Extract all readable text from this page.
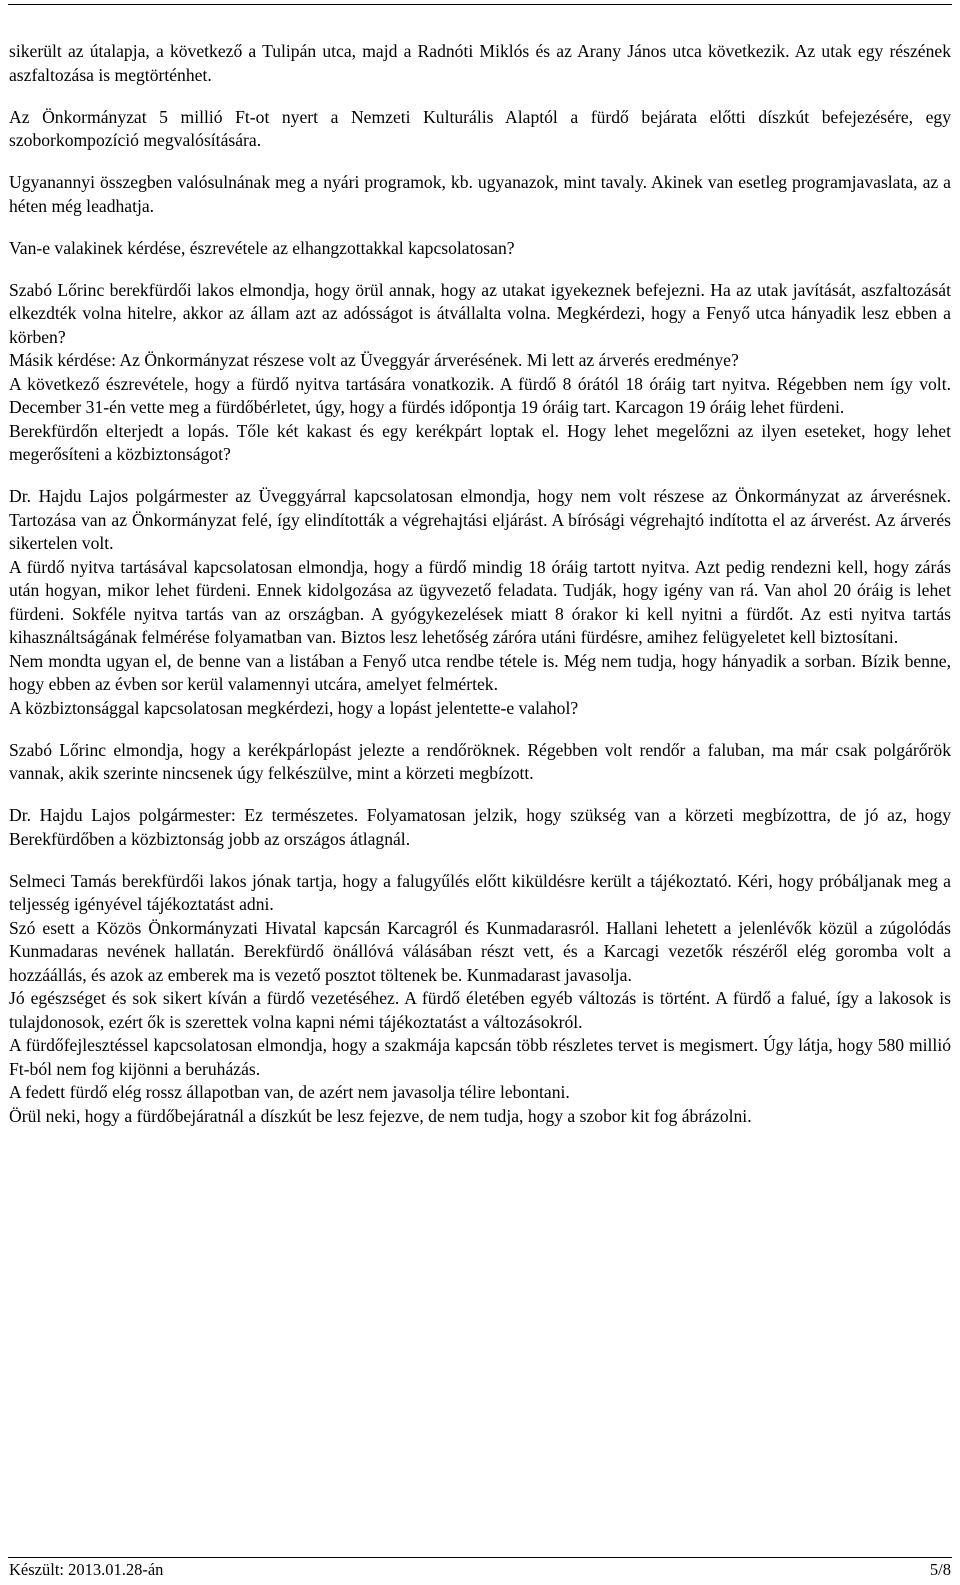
sikerült az útalapja, a következő a Tulipán utca, majd a Radnóti Miklós és az Arany János utca következik. Az utak egy részének aszfaltozása is megtörténhet.

Az Önkormányzat 5 millió Ft-ot nyert a Nemzeti Kulturális Alaptól a fürdő bejárata előtti díszkút befejezésére, egy szoborkompozíció megvalósítására.

Ugyanannyi összegben valósulnának meg a nyári programok, kb. ugyanazok, mint tavaly. Akinek van esetleg programjavaslata, az a héten még leadhatja.

Van-e valakinek kérdése, észrevétele az elhangzottakkal kapcsolatosan?

Szabó Lőrinc berekfürdői lakos elmondja, hogy örül annak, hogy az utakat igyekeznek befejezni. Ha az utak javítását, aszfaltozását elkezdték volna hitelre, akkor az állam azt az adósságot is átvállalta volna. Megkérdezi, hogy a Fenyő utca hányadik lesz ebben a körben?

Másik kérdése: Az Önkormányzat részese volt az Üveggyár árverésének. Mi lett az árverés eredménye?

A következő észrevétele, hogy a fürdő nyitva tartására vonatkozik. A fürdő 8 órától 18 óráig tart nyitva. Régebben nem így volt. December 31-én vette meg a fürdőbérletet, úgy, hogy a fürdés időpontja 19 óráig tart. Karcagon 19 óráig lehet fürdeni.

Berekfürdőn elterjedt a lopás. Tőle két kakast és egy kerékpárt loptak el. Hogy lehet megelőzni az ilyen eseteket, hogy lehet megerősíteni a közbiztonságot?

Dr. Hajdu Lajos polgármester az Üveggyárral kapcsolatosan elmondja, hogy nem volt részese az Önkormányzat az árverésnek. Tartozása van az Önkormányzat felé, így elindították a végrehajtási eljárást. A bírósági végrehajtó indította el az árverést. Az árverés sikertelen volt.

A fürdő nyitva tartásával kapcsolatosan elmondja, hogy a fürdő mindig 18 óráig tartott nyitva. Azt pedig rendezni kell, hogy zárás után hogyan, mikor lehet fürdeni. Ennek kidolgozása az ügyvezető feladata. Tudják, hogy igény van rá. Van ahol 20 óráig is lehet fürdeni. Sokféle nyitva tartás van az országban. A gyógykezelések miatt 8 órakor ki kell nyitni a fürdőt. Az esti nyitva tartás kihasználtságának felmérése folyamatban van. Biztos lesz lehetőség záróra utáni fürdésre, amihez felügyeletet kell biztosítani.

Nem mondta ugyan el, de benne van a listában a Fenyő utca rendbe tétele is. Még nem tudja, hogy hányadik a sorban. Bízik benne, hogy ebben az évben sor kerül valamennyi utcára, amelyet felmértek.

A közbiztonsággal kapcsolatosan megkérdezi, hogy a lopást jelentette-e valahol?

Szabó Lőrinc elmondja, hogy a kerékpárlopást jelezte a rendőröknek. Régebben volt rendőr a faluban, ma már csak polgárőrök vannak, akik szerinte nincsenek úgy felkészülve, mint a körzeti megbízott.

Dr. Hajdu Lajos polgármester: Ez természetes. Folyamatosan jelzik, hogy szükség van a körzeti megbízottra, de jó az, hogy Berekfürdőben a közbiztonság jobb az országos átlagnál.

Selmeci Tamás berekfürdői lakos jónak tartja, hogy a falugyűlés előtt kiküldésre került a tájékoztató. Kéri, hogy próbáljanak meg a teljesség igényével tájékoztatást adni.

Szó esett a Közös Önkormányzati Hivatal kapcsán Karcagról és Kunmadarasról. Hallani lehetett a jelenlévők közül a zúgolódás Kunmadaras nevének hallatán. Berekfürdő önállóvá válásában részt vett, és a Karcagi vezetők részéről elég goromba volt a hozzáállás, és azok az emberek ma is vezető posztot töltenek be. Kunmadarast javasolja.

Jó egészséget és sok sikert kíván a fürdő vezetéséhez. A fürdő életében egyéb változás is történt. A fürdő a falué, így a lakosok is tulajdonosok, ezért ők is szerettek volna kapni némi tájékoztatást a változásokról.

A fürdőfejlesztéssel kapcsolatosan elmondja, hogy a szakmája kapcsán több részletes tervet is megismert. Úgy látja, hogy 580 millió Ft-ból nem fog kijönni a beruházás.

A fedett fürdő elég rossz állapotban van, de azért nem javasolja télire lebontani.

Örül neki, hogy a fürdőbejáratnál a díszkút be lesz fejezve, de nem tudja, hogy a szobor kit fog ábrázolni.

Készült: 2013.01.28-án	5/8
